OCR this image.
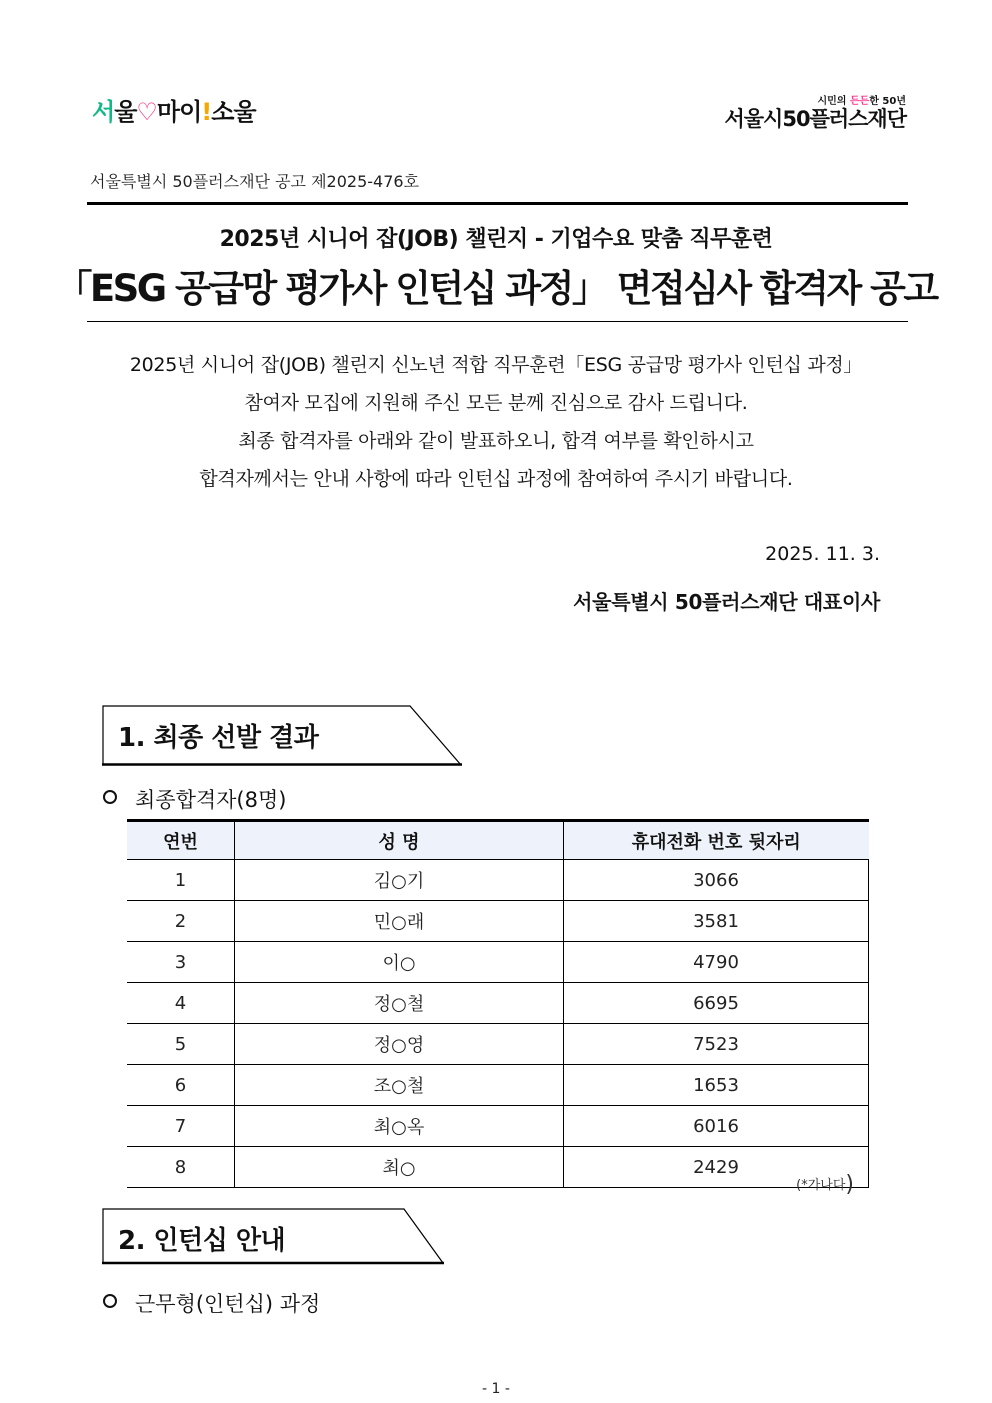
서울♡마이!소울	시민의 든든한 50년
서울시50플러스재단
서울특별시 50플러스재단 공고 제2025-476호
2025년 시니어 잡(JOB) 챌린지 - 기업수요 맞춤 직무훈련
「ESG 공급망 평가사 인턴십 과정」 면접심사 합격자 공고
2025년 시니어 잡(JOB) 챌린지 신노년 적합 직무훈련「ESG 공급망 평가사 인턴십 과정」
참여자 모집에 지원해 주신 모든 분께 진심으로 감사 드립니다.
최종 합격자를 아래와 같이 발표하오니, 합격 여부를 확인하시고
합격자께서는 안내 사항에 따라 인턴십 과정에 참여하여 주시기 바랍니다.
2025. 11. 3.
서울특별시 50플러스재단 대표이사
1. 최종 선발 결과
최종합격자(8명)
연번	성 명	휴대전화 번호 뒷자리
1	김○기	3066
2	민○래	3581
3	이○	4790
4	정○철	6695
5	정○영	7523
6	조○철	1653
7	최○옥	6016
8	최○	2429
(*가나다)
2. 인턴십 안내
근무형(인턴십) 과정
- 1 -
